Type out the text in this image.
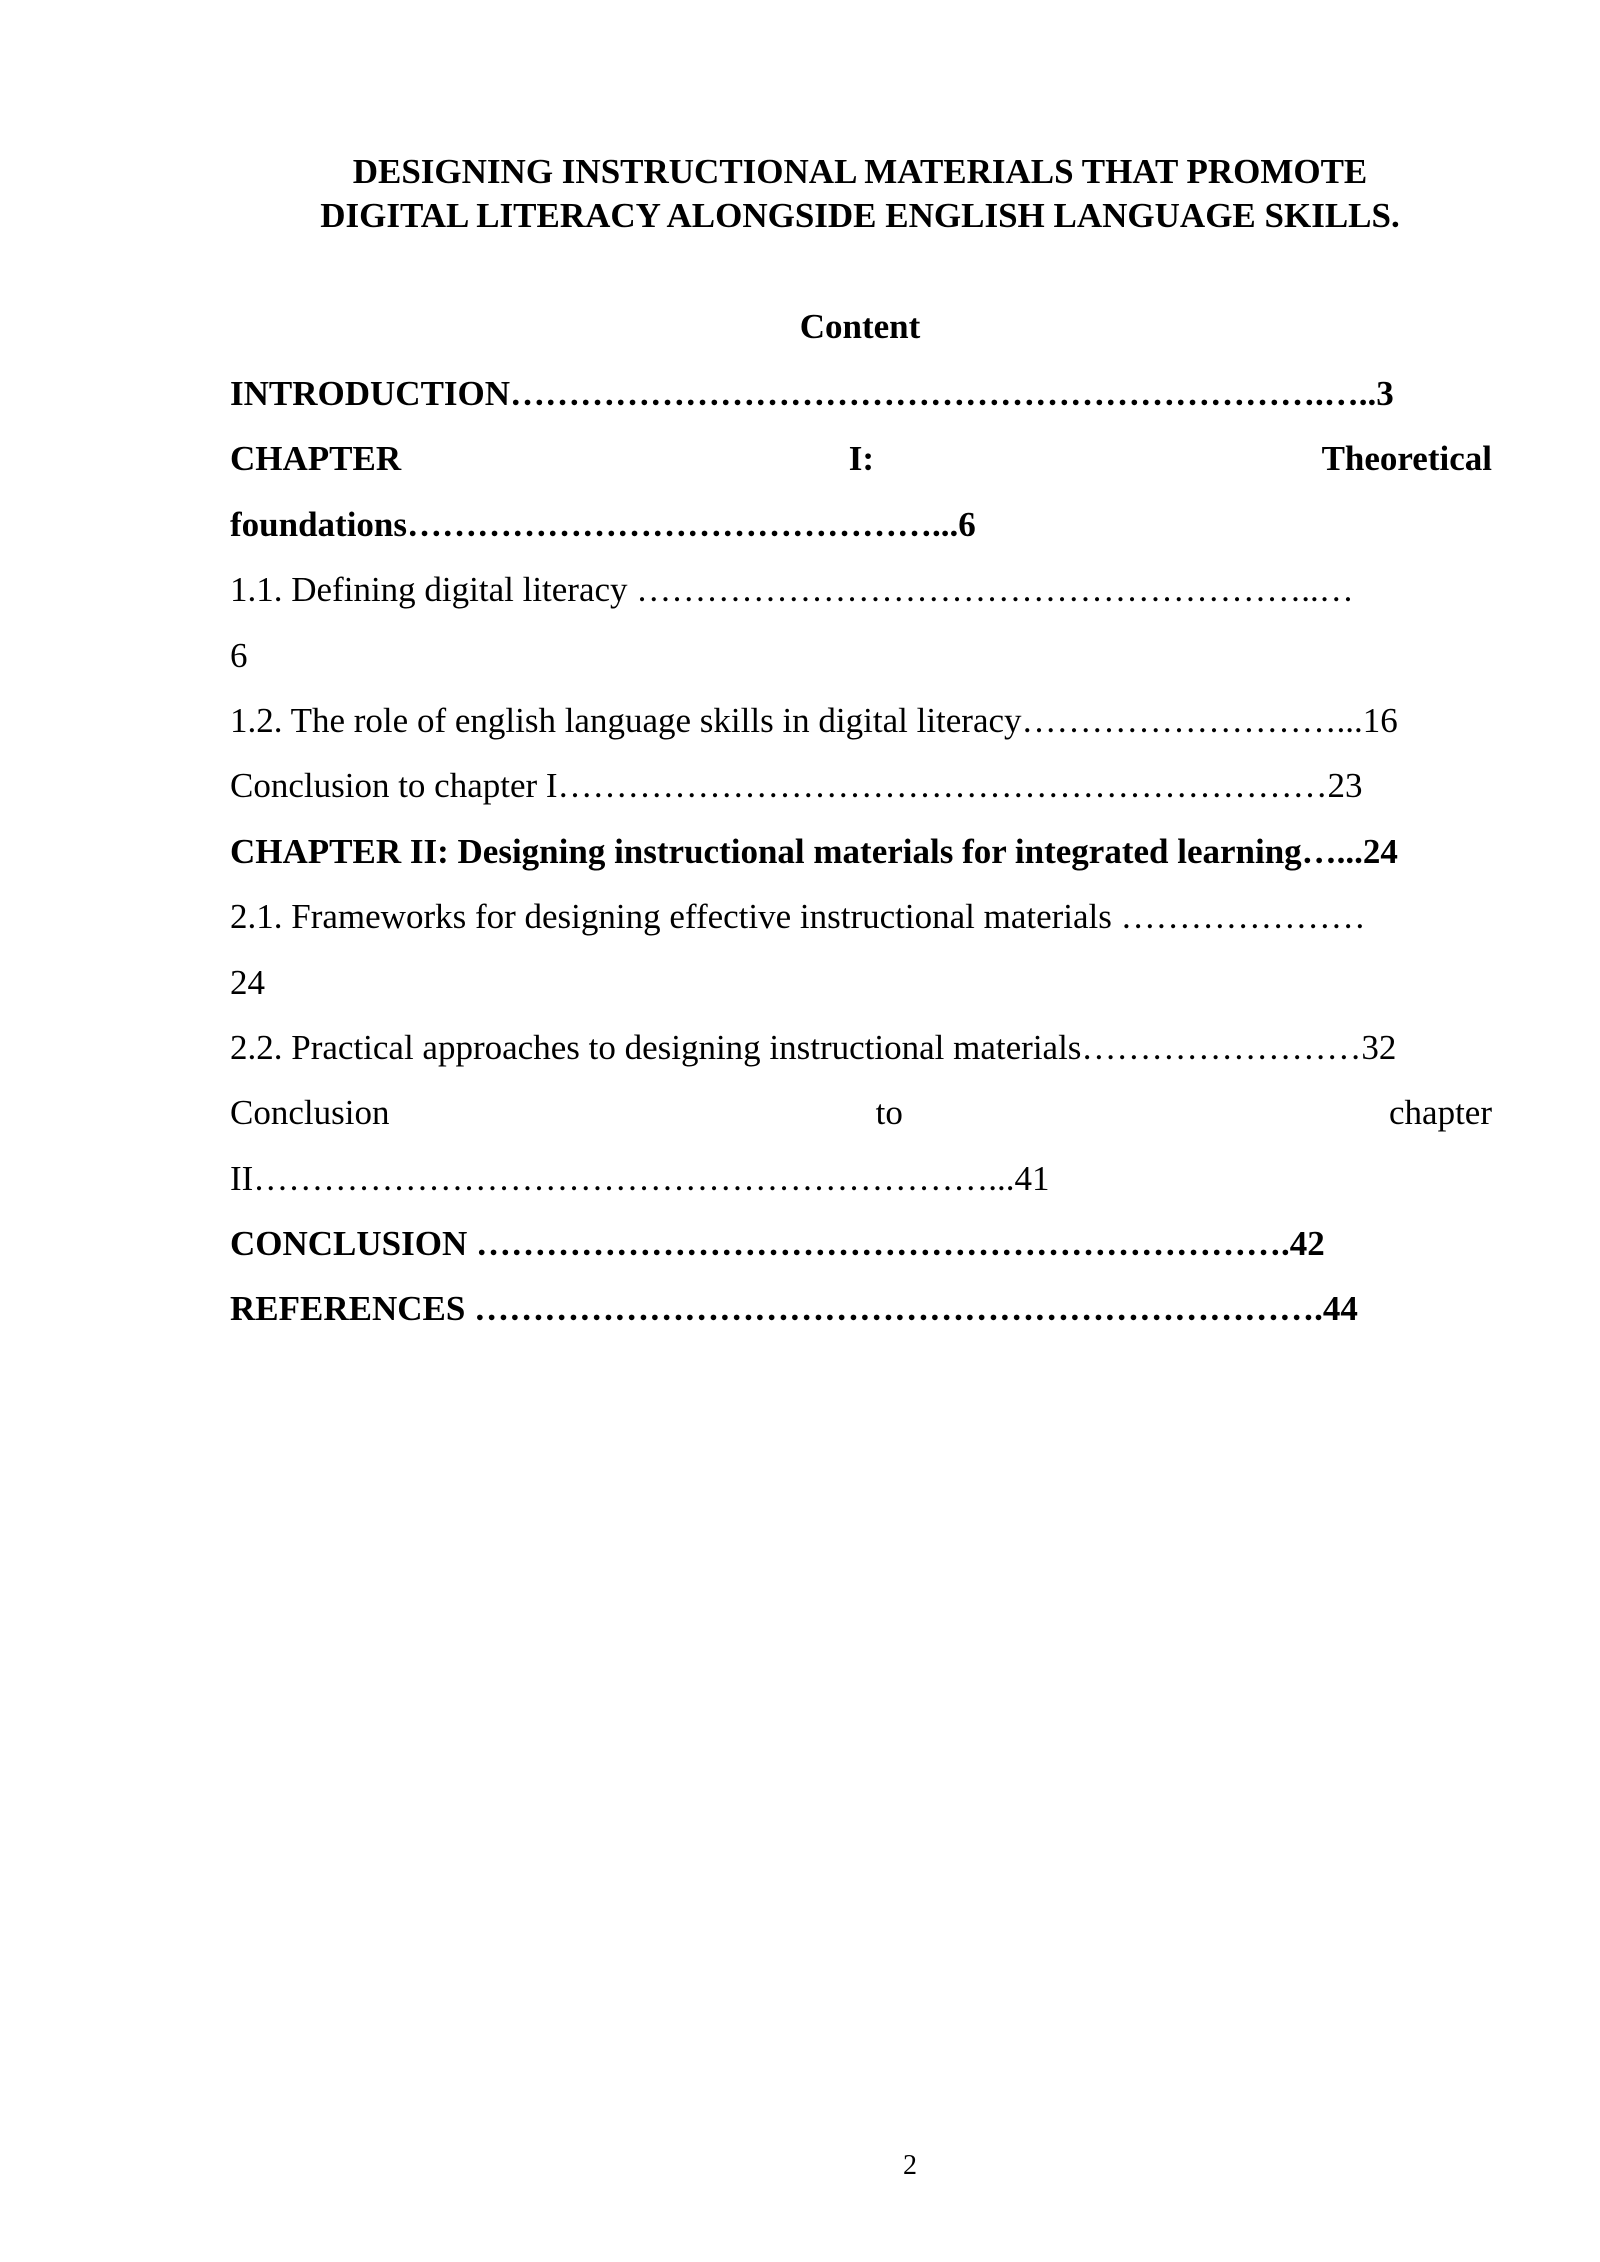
DESIGNING INSTRUCTIONAL MATERIALS THAT PROMOTE
DIGITAL LITERACY ALONGSIDE ENGLISH LANGUAGE SKILLS.
Content
INTRODUCTION…………………………………………………………….…..3
CHAPTER	I:	Theoretical
foundations………………………………………...6
1.1. Defining digital literacy …………………………………………………..…
6
1.2. The role of english language skills in digital literacy………………………...16
Conclusion to chapter I…………………………………………………………23
CHAPTER II: Designing instructional materials for integrated learning…...24
2.1. Frameworks for designing effective instructional materials …………………
24
2.2. Practical approaches to designing instructional materials……………………32
Conclusion	to	chapter
II………………………………………………………...41
CONCLUSION …………………………………………………………….42
REFERENCES ……………………………………………………………….44
2
